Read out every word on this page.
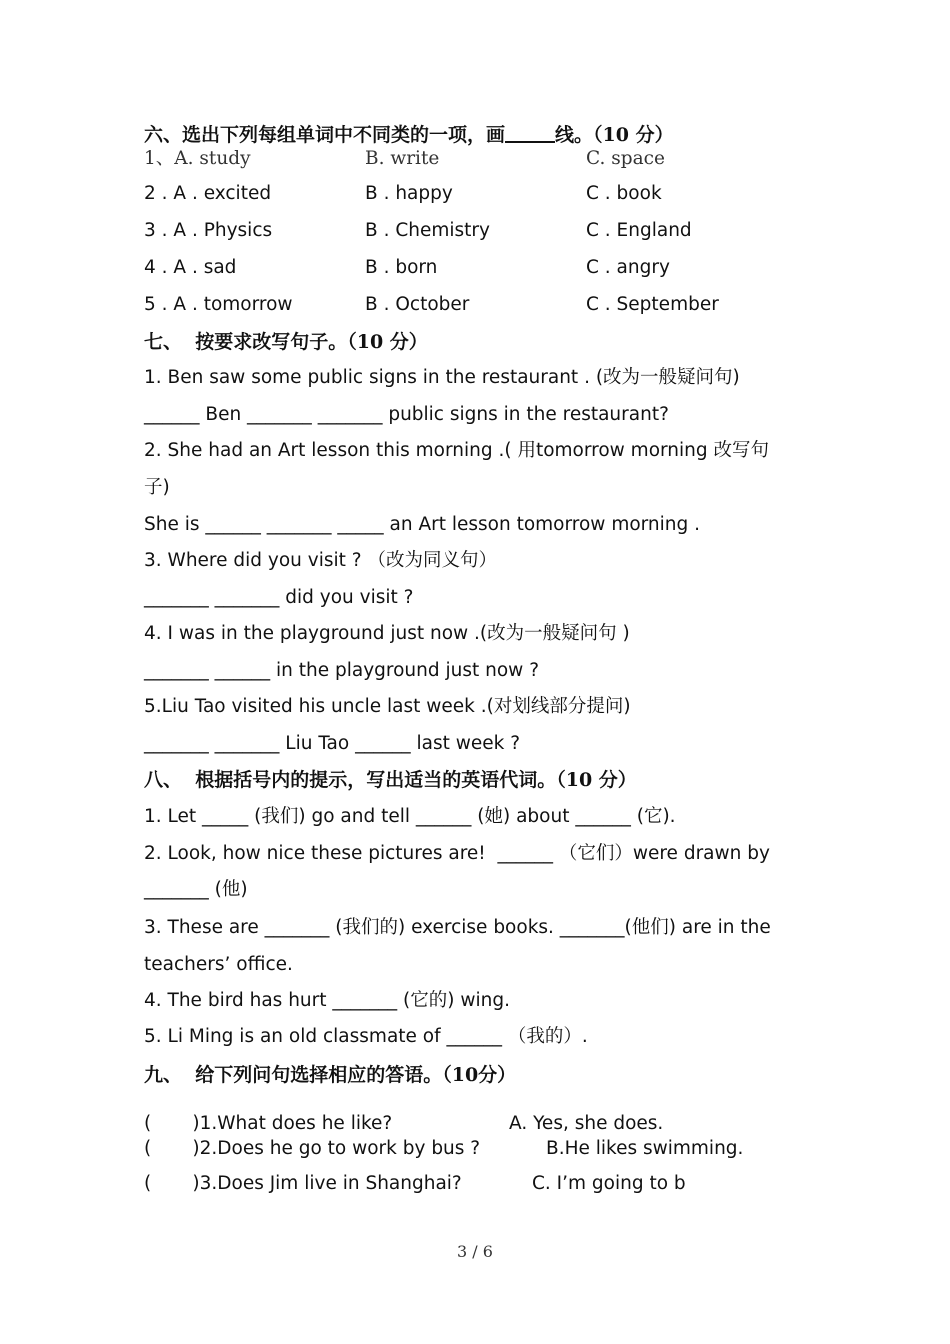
六、选出下列每组单词中不同类的一项，画	线。（10 分）
1、A. study	B. write	C. space
2 . A . excited	B . happy	C . book
3 . A . Physics	B . Chemistry	C . England
4 . A . sad	B . born	C . angry
5 . A . tomorrow	B . October	C . September
七、  按要求改写句子。（10 分）
1. Ben saw some public signs in the restaurant . (改为一般疑问句)
______ Ben _______ _______ public signs in the restaurant?
2. She had an Art lesson this morning .( 用tomorrow morning 改写句
子)
She is ______ _______ _____ an Art lesson tomorrow morning .
3. Where did you visit ? （改为同义句）
_______ _______ did you visit ?
4. I was in the playground just now .(改为一般疑问句 )
_______ ______ in the playground just now ?
5.Liu Tao visited his uncle last week .(对划线部分提问)
_______ _______ Liu Tao ______ last week ?
八、  根据括号内的提示，写出适当的英语代词。（10 分）
1. Let _____ (我们) go and tell ______ (她) about ______ (它).
2. Look, how nice these pictures are!  ______ （它们）were drawn by
_______ (他)
3. These are _______ (我们的) exercise books. _______(他们) are in the
teachers’ office.
4. The bird has hurt _______ (它的) wing.
5. Li Ming is an old classmate of ______ （我的）.
九、  给下列问句选择相应的答语。（10分）
(       )1.What does he like?	A. Yes, she does.
(       )2.Does he go to work by bus ?	B.He likes swimming.
(       )3.Does Jim live in Shanghai?	C. I’m going to b
3 / 6
